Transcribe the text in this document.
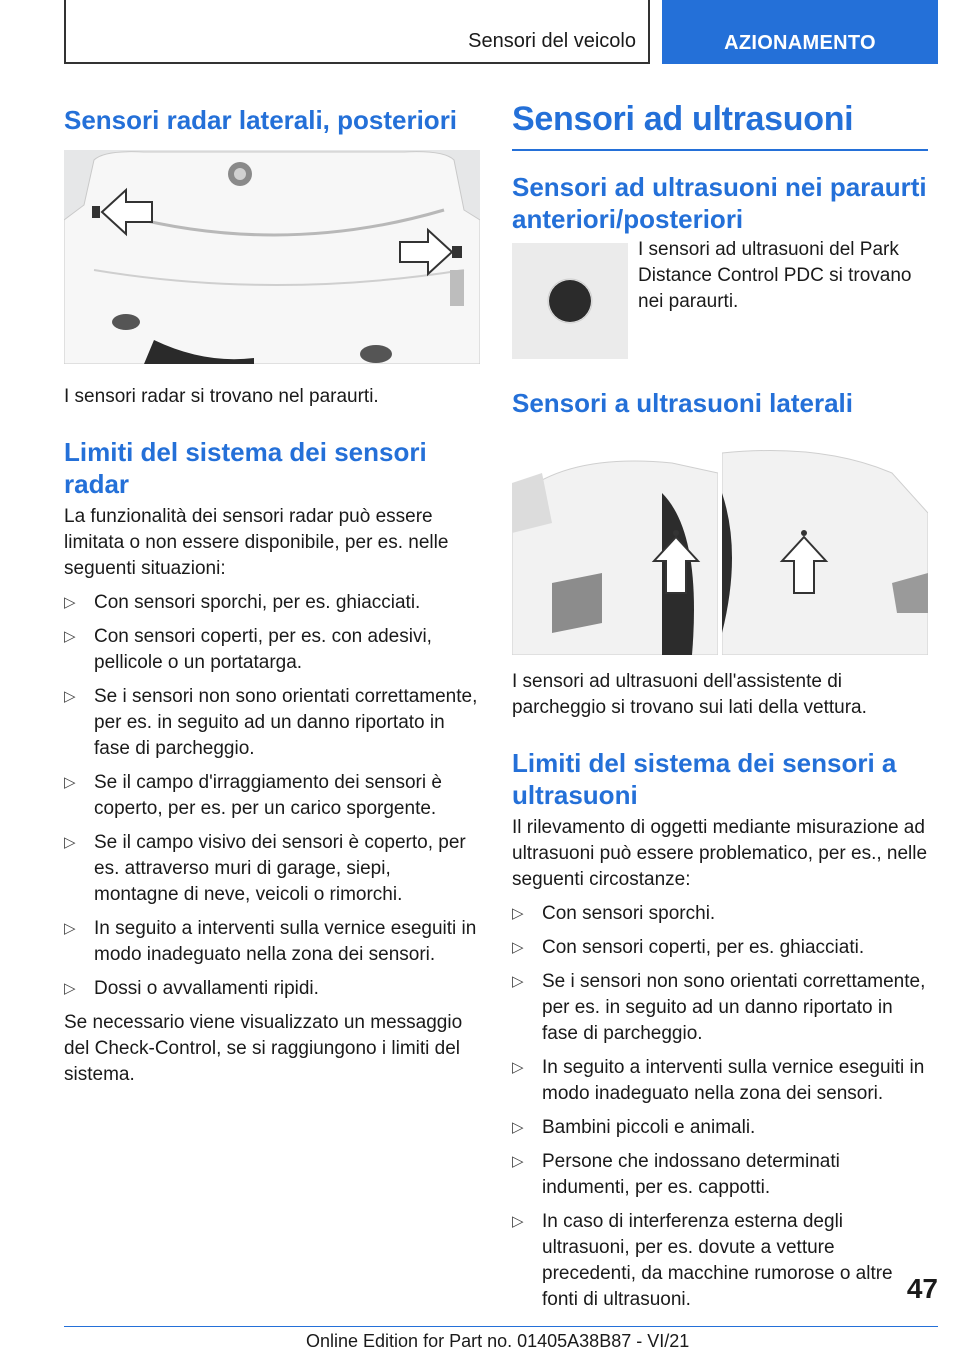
Sensori del veicolo	AZIONAMENTO
Sensori radar laterali, posteriori

I sensori radar si trovano nel paraurti.

Limiti del sistema dei sensori radar

La funzionalità dei sensori radar può essere limitata o non essere disponibile, per es. nelle seguenti situazioni:

▷ Con sensori sporchi, per es. ghiacciati.
▷ Con sensori coperti, per es. con adesivi, pellicole o un portatarga.
▷ Se i sensori non sono orientati correttamente, per es. in seguito ad un danno riportato in fase di parcheggio.
▷ Se il campo d'irraggiamento dei sensori è coperto, per es. per un carico sporgente.
▷ Se il campo visivo dei sensori è coperto, per es. attraverso muri di garage, siepi, montagne di neve, veicoli o rimorchi.
▷ In seguito a interventi sulla vernice eseguiti in modo inadeguato nella zona dei sensori.
▷ Dossi o avvallamenti ripidi.

Se necessario viene visualizzato un messaggio del Check-Control, se si raggiungono i limiti del sistema.

Sensori ad ultrasuoni
Sensori ad ultrasuoni nei paraurti anteriori/posteriori

I sensori ad ultrasuoni del Park Distance Control PDC si trovano nei paraurti.

Sensori a ultrasuoni laterali

I sensori ad ultrasuoni dell'assistente di parcheggio si trovano sui lati della vettura.

Limiti del sistema dei sensori a ultrasuoni

Il rilevamento di oggetti mediante misurazione ad ultrasuoni può essere problematico, per es., nelle seguenti circostanze:

▷ Con sensori sporchi.
▷ Con sensori coperti, per es. ghiacciati.
▷ Se i sensori non sono orientati correttamente, per es. in seguito ad un danno riportato in fase di parcheggio.
▷ In seguito a interventi sulla vernice eseguiti in modo inadeguato nella zona dei sensori.
▷ Bambini piccoli e animali.
▷ Persone che indossano determinati indumenti, per es. cappotti.
▷ In caso di interferenza esterna degli ultrasuoni, per es. dovute a vetture precedenti, da macchine rumorose o altre fonti di ultrasuoni.	47
Online Edition for Part no. 01405A38B87 - VI/21
